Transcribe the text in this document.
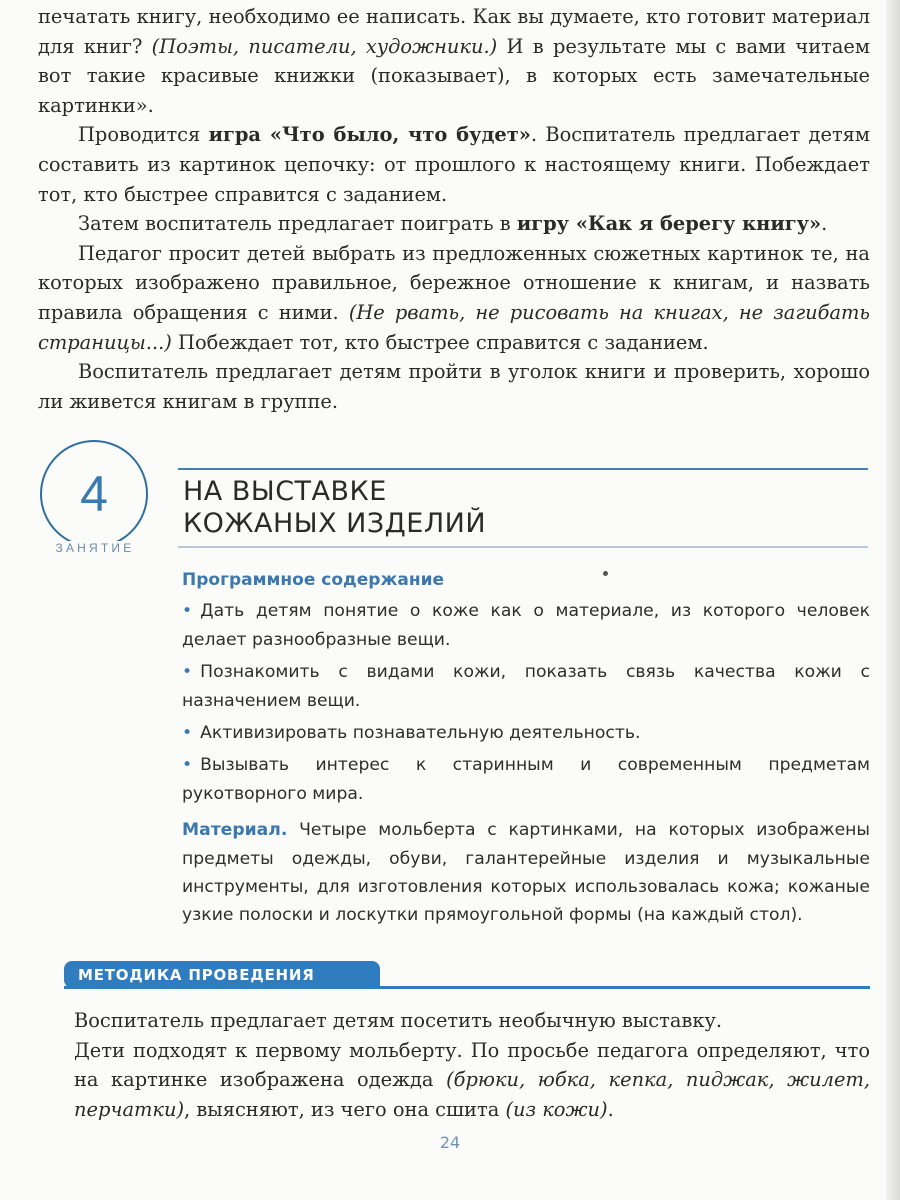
печатать книгу, необходимо ее написать. Как вы думаете, кто готовит материал для книг? (Поэты, писатели, художники.) И в результате мы с вами читаем вот такие красивые книжки (показывает), в которых есть замечательные картинки».

Проводится игра «Что было, что будет». Воспитатель предлагает детям составить из картинок цепочку: от прошлого к настоящему книги. Побеждает тот, кто быстрее справится с заданием.

Затем воспитатель предлагает поиграть в игру «Как я берегу книгу».

Педагог просит детей выбрать из предложенных сюжетных картинок те, на которых изображено правильное, бережное отношение к книгам, и назвать правила обращения с ними. (Не рвать, не рисовать на книгах, не загибать страницы...) Побеждает тот, кто быстрее справится с заданием.

Воспитатель предлагает детям пройти в уголок книги и проверить, хорошо ли живется книгам в группе.

4
ЗАНЯТИЕ
НА ВЫСТАВКЕ
КОЖАНЫХ ИЗДЕЛИЙ
Программное содержание
• Дать детям понятие о коже как о материале, из которого человек делает разнообразные вещи.
• Познакомить с видами кожи, показать связь качества кожи с назначением вещи.
• Активизировать познавательную деятельность.
• Вызывать интерес к старинным и современным предметам рукотворного мира.

Материал. Четыре мольберта с картинками, на которых изображены предметы одежды, обуви, галантерейные изделия и музыкальные инструменты, для изготовления которых использовалась кожа; кожаные узкие полоски и лоскутки прямоугольной формы (на каждый стол).

МЕТОДИКА ПРОВЕДЕНИЯ

Воспитатель предлагает детям посетить необычную выставку.

Дети подходят к первому мольберту. По просьбе педагога определяют, что на картинке изображена одежда (брюки, юбка, кепка, пиджак, жилет, перчатки), выясняют, из чего она сшита (из кожи).

24
